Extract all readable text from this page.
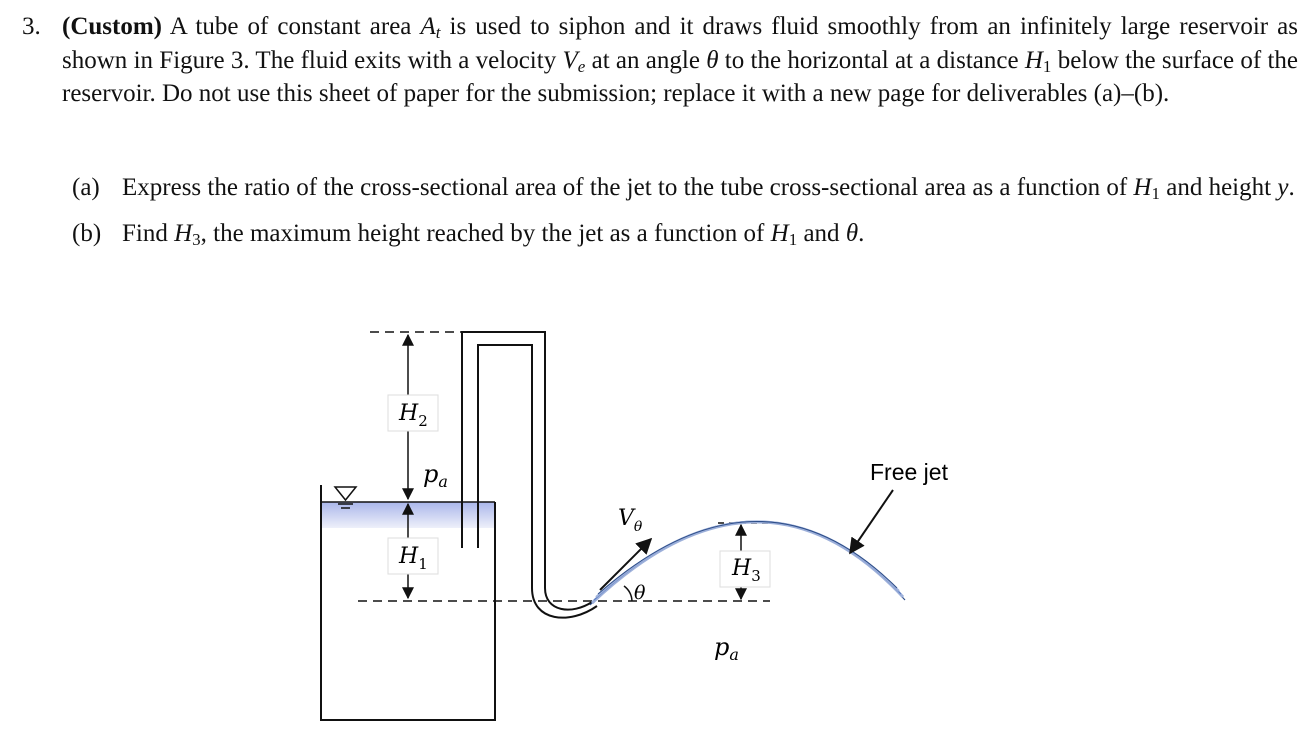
3. (Custom) A tube of constant area $A_t$ is used to siphon and it draws fluid smoothly from an infinitely large reservoir as shown in Figure 3. The fluid exits with a velocity $V_e$ at an angle θ to the horizontal at a distance $H_1$ below the surface of the reservoir. Do not use this sheet of paper for the submission; replace it with a new page for deliverables (a)–(b).
(a) Express the ratio of the cross-sectional area of the jet to the tube cross-sectional area as a function of $H_1$ and height y.
(b) Find $H_3$, the maximum height reached by the jet as a function of $H_1$ and θ.
$H_2$
$H_1$	$H_3$
$p_a$
$p_a$
$V_\theta$
θ
Free jet
